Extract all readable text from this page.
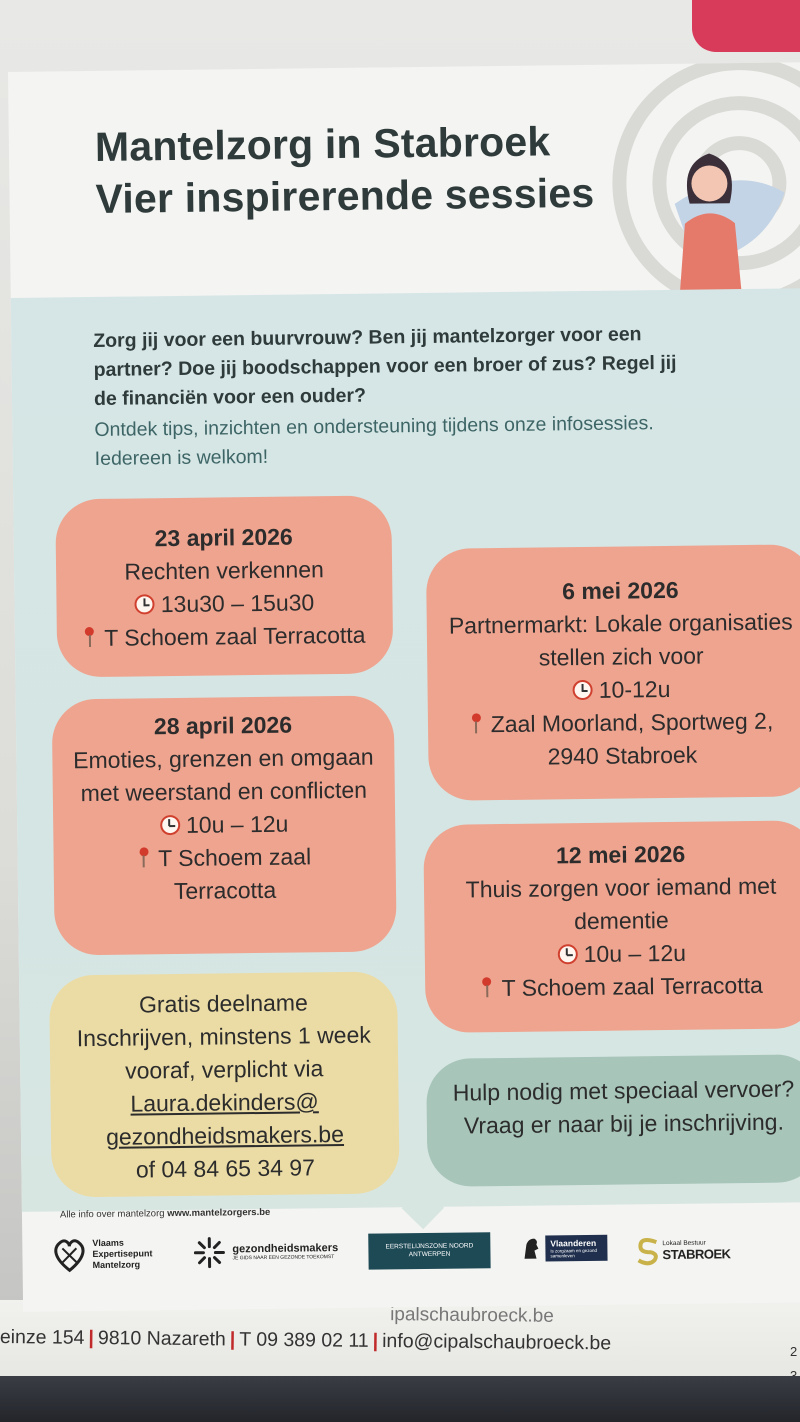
ipalschaubroeck.be
einze 154 | 9810 Nazareth | T 09 389 02 11 | info@cipalschaubroeck.be	2
Mantelzorg in Stabroek
Vier inspirerende sessies

Zorg jij voor een buurvrouw? Ben jij mantelzorger voor een partner? Doe jij boodschappen voor een broer of zus? Regel jij de financiën voor een ouder?

Ontdek tips, inzichten en ondersteuning tijdens onze infosessies. Iedereen is welkom!

23 april 2026
Rechten verkennen
13u30 – 15u30
T Schoem zaal Terracotta
28 april 2026
Emoties, grenzen en omgaan met weerstand en conflicten
10u – 12u
T Schoem zaal Terracotta
6 mei 2026
Partnermarkt: Lokale organisaties stellen zich voor
10-12u
Zaal Moorland, Sportweg 2, 2940 Stabroek
12 mei 2026
Thuis zorgen voor iemand met dementie
10u – 12u
T Schoem zaal Terracotta
Gratis deelname
Inschrijven, minstens 1 week vooraf, verplicht via
Laura.dekinders@
gezondheidsmakers.be
of 04 84 65 34 97
Hulp nodig met speciaal vervoer? Vraag er naar bij je inschrijving.
Alle info over mantelzorg www.mantelzorgers.be
Vlaams Expertisepunt Mantelzorg
gezondheidsmakers
JE GIDS NAAR EEN GEZONDE TOEKOMST
EERSTELIJNSZONE NOORD ANTWERPEN
Vlaanderen
is zorgzaam en gezond samenleven
Lokaal Bestuur
STABROEK
